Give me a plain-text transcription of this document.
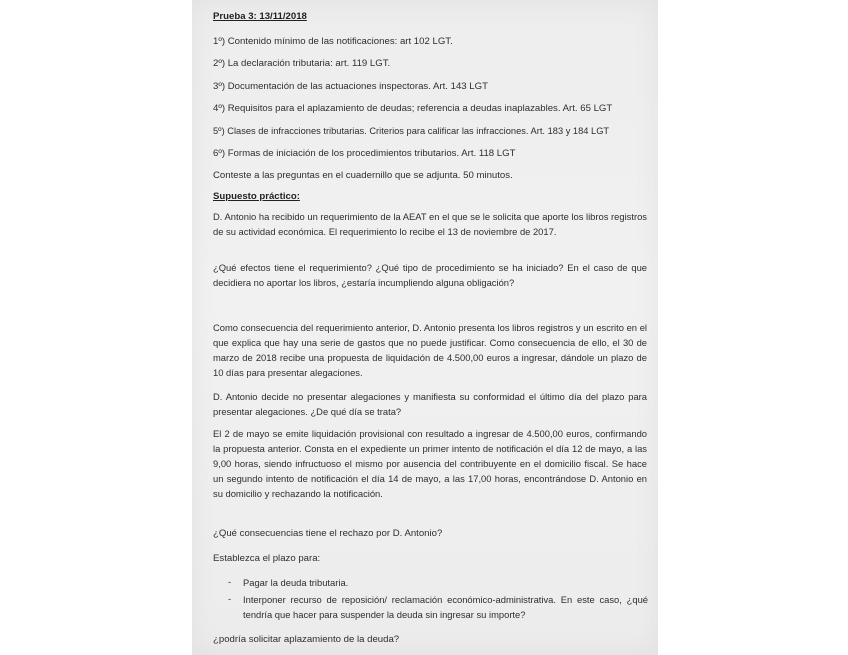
Prueba 3: 13/11/2018
1º) Contenido mínimo de las notificaciones: art 102 LGT.
2º) La declaración tributaria: art. 119 LGT.
3º) Documentación de las actuaciones inspectoras. Art. 143 LGT
4º) Requisitos para el aplazamiento de deudas; referencia a deudas inaplazables. Art. 65 LGT
5º) Clases de infracciones tributarias. Criterios para calificar las infracciones. Art. 183 y 184 LGT
6º) Formas de iniciación de los procedimientos tributarios. Art. 118 LGT
Conteste a las preguntas en el cuadernillo que se adjunta. 50 minutos.
Supuesto práctico:
D. Antonio ha recibido un requerimiento de la AEAT en el que se le solicita que aporte los libros registros de su actividad económica. El requerimiento lo recibe el 13 de noviembre de 2017.
¿Qué efectos tiene el requerimiento? ¿Qué tipo de procedimiento se ha iniciado? En el caso de que decidiera no aportar los libros, ¿estaría incumpliendo alguna obligación?
Como consecuencia del requerimiento anterior, D. Antonio presenta los libros registros y un escrito en el que explica que hay una serie de gastos que no puede justificar. Como consecuencia de ello, el 30 de marzo de 2018 recibe una propuesta de liquidación de 4.500,00 euros a ingresar, dándole un plazo de 10 días para presentar alegaciones.
D. Antonio decide no presentar alegaciones y manifiesta su conformidad el último día del plazo para presentar alegaciones. ¿De qué día se trata?
El 2 de mayo se emite liquidación provisional con resultado a ingresar de 4.500,00 euros, confirmando la propuesta anterior. Consta en el expediente un primer intento de notificación el día 12 de mayo, a las 9,00 horas, siendo infructuoso el mismo por ausencia del contribuyente en el domicilio fiscal. Se hace un segundo intento de notificación el día 14 de mayo, a las 17,00 horas, encontrándose D. Antonio en su domicilio y rechazando la notificación.
¿Qué consecuencias tiene el rechazo por D. Antonio?
Establezca el plazo para:
- Pagar la deuda tributaria.
- Interponer recurso de reposición/ reclamación económico-administrativa. En este caso, ¿qué tendría que hacer para suspender la deuda sin ingresar su importe?
¿podría solicitar aplazamiento de la deuda?
